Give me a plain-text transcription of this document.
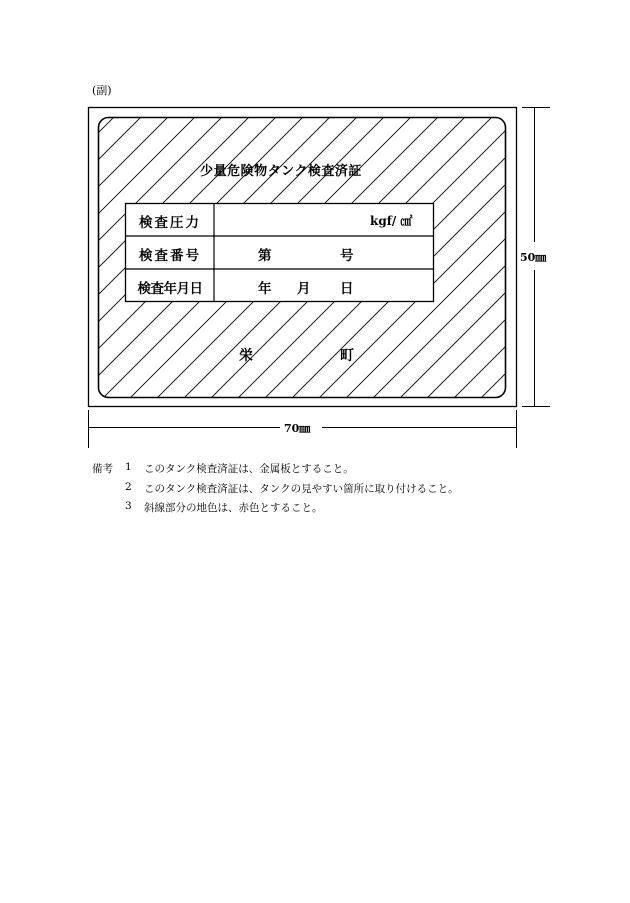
(副)
少量危険物タンク検査済証
検査圧力
検査番号
検査年月日
kgf/ ㎠
第	号
年 月 日
栄	町
50㎜
70㎜
備考 1 このタンク検査済証は、金属板とすること。
2 このタンク検査済証は、タンクの見やすい箇所に取り付けること。
3 斜線部分の地色は、赤色とすること。
